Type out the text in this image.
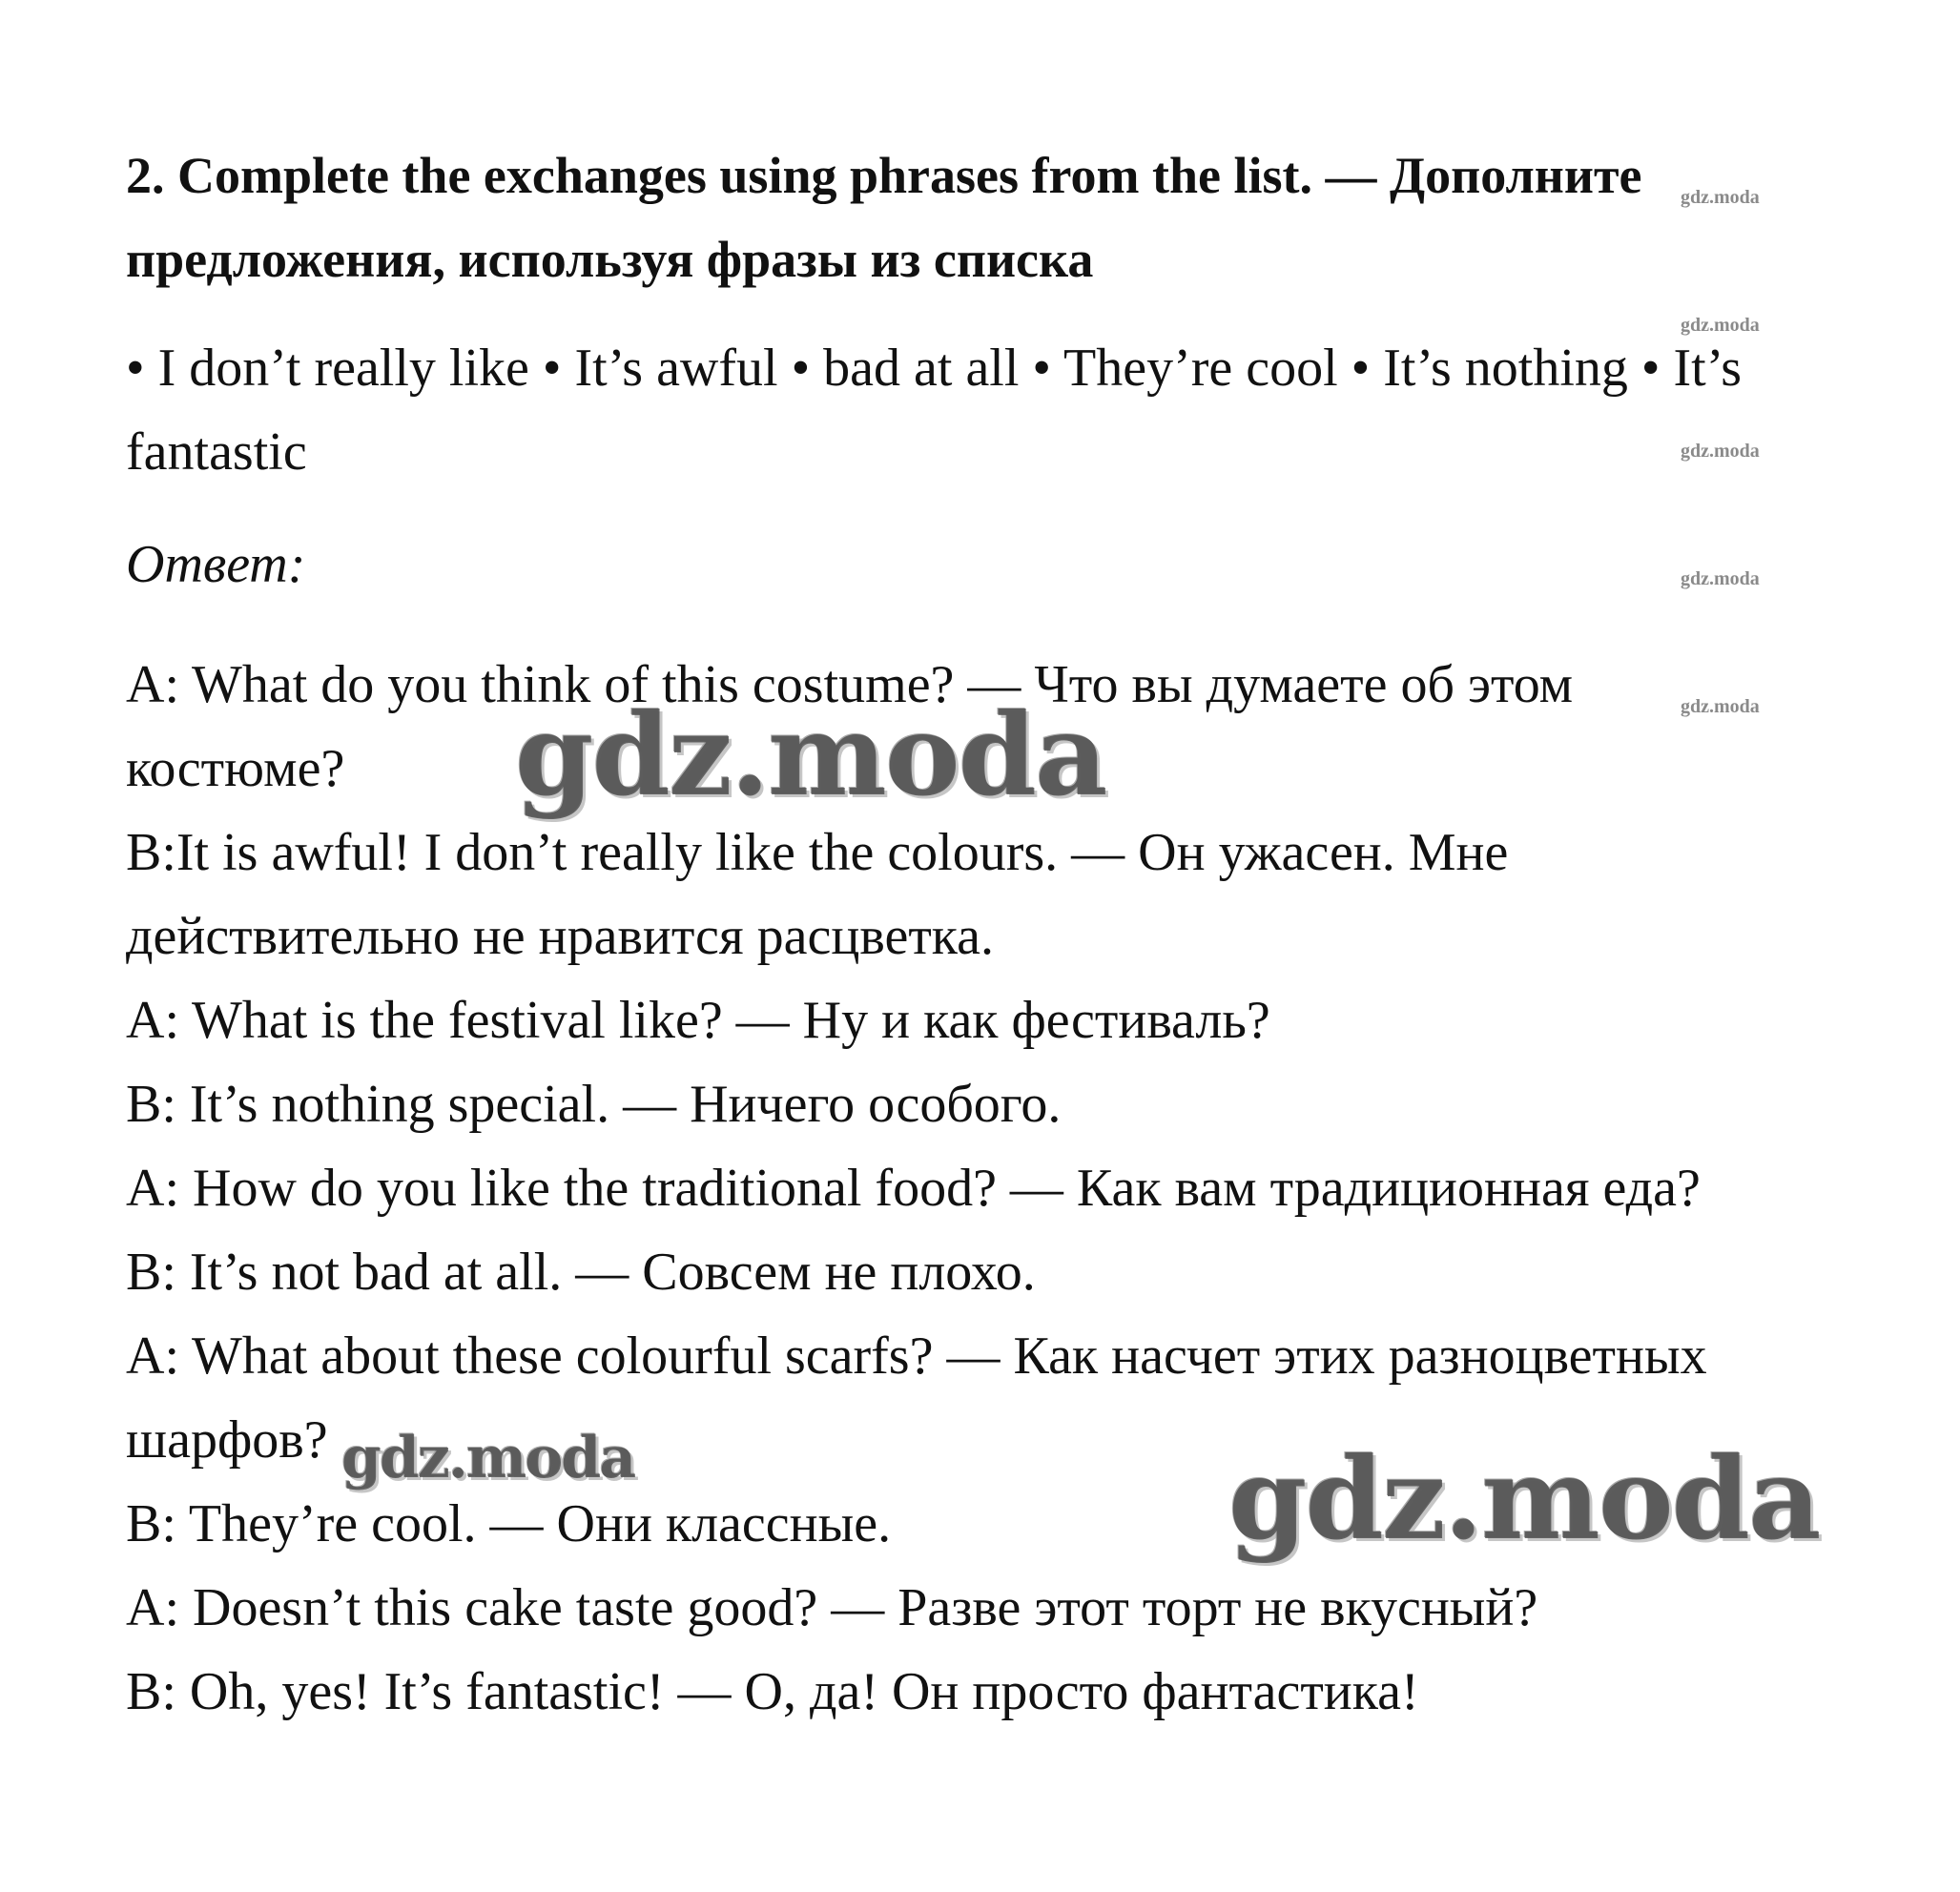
2. Complete the exchanges using phrases from the list. — Дополните предложения, используя фразы из списка

• I don’t really like • It’s awful • bad at all • They’re cool • It’s nothing • It’s fantastic

Ответ:

A: What do you think of this costume? — Что вы думаете об этом костюме?
B:It is awful! I don’t really like the colours. — Он ужасен. Мне действительно не нравится расцветка.
A: What is the festival like? — Ну и как фестиваль?
B: It’s nothing special. — Ничего особого.
A: How do you like the traditional food? — Как вам традиционная еда?
B: It’s not bad at all. — Совсем не плохо.
A: What about these colourful scarfs? — Как насчет этих разноцветных шарфов?
B: They’re cool. — Они классные.
A: Doesn’t this cake taste good? — Разве этот торт не вкусный?
B: Oh, yes! It’s fantastic! — О, да! Он просто фантастика!
gdz.moda
gdz.moda
gdz.moda
gdz.moda
gdz.moda
gdz.moda
gdz.moda	gdz.moda
